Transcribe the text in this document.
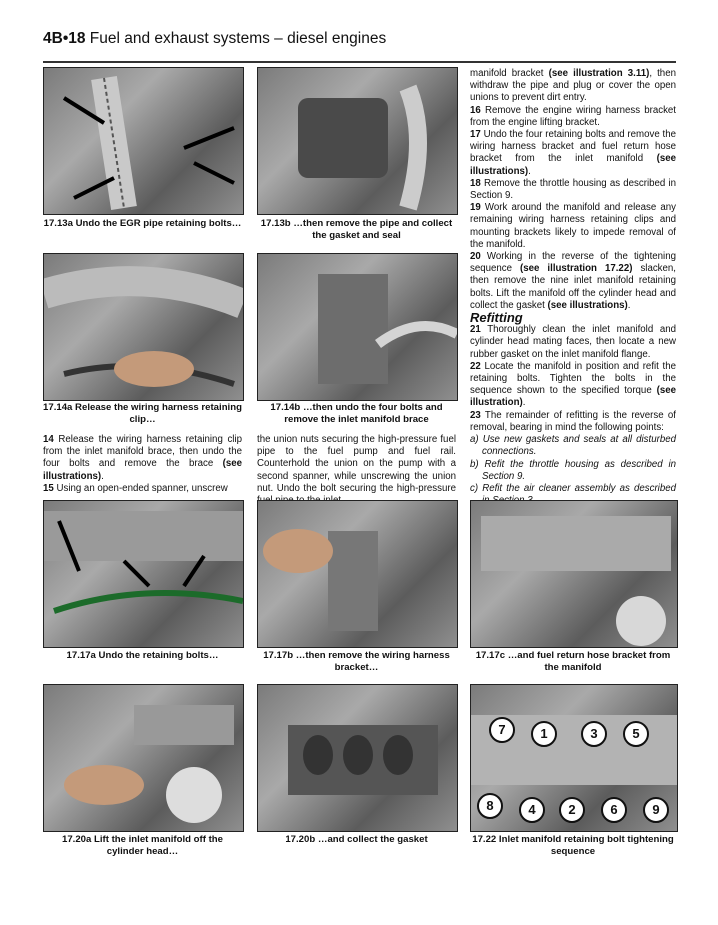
4B•18 Fuel and exhaust systems – diesel engines
17.13a Undo the EGR pipe retaining bolts…	17.13b …then remove the pipe and collect the gasket and seal
17.14a Release the wiring harness retaining clip…
17.14b …then undo the four bolts and remove the inlet manifold brace

14 Release the wiring harness retaining clip from the inlet manifold brace, then undo the four bolts and remove the brace (see illustrations).

15 Using an open-ended spanner, unscrew

the union nuts securing the high-pressure fuel pipe to the fuel pump and fuel rail. Counterhold the union on the pump with a second spanner, while unscrewing the union nut. Undo the bolt securing the high-pressure

manifold bracket (see illustration 3.11), then withdraw the pipe and plug or cover the open unions to prevent dirt entry.

16 Remove the engine wiring harness bracket from the engine lifting bracket.

17 Undo the four retaining bolts and remove the wiring harness bracket and fuel return hose bracket from the inlet manifold (see illustrations).

18 Remove the throttle housing as described in Section 9.

19 Work around the manifold and release any remaining wiring harness retaining clips and mounting brackets likely to impede removal of the manifold.

20 Working in the reverse of the tightening sequence (see illustration 17.22) slacken, then remove the nine inlet manifold retaining bolts. Lift the manifold off the cylinder head and collect the gasket (see illustrations).

Refitting

21 Thoroughly clean the inlet manifold and cylinder head mating faces, then locate a new rubber gasket on the inlet manifold flange.

22 Locate the manifold in position and refit the retaining bolts. Tighten the bolts in the sequence shown to the specified torque (see illustration).

23 The remainder of refitting is the reverse of removal, bearing in mind the following points:

a) Use new gaskets and seals at all disturbed connections.

b) Refit the throttle housing as described in Section 9.

c) Refit the air cleaner assembly as described

17.17a Undo the retaining bolts…	17.17b …then remove the wiring harness bracket…
17.17c …and fuel return hose bracket from the manifold
7	1	3	5
8	4	2	6	9
17.20a Lift the inlet manifold off the cylinder head…
17.20b …and collect the gasket	17.22 Inlet manifold retaining bolt tightening sequence
